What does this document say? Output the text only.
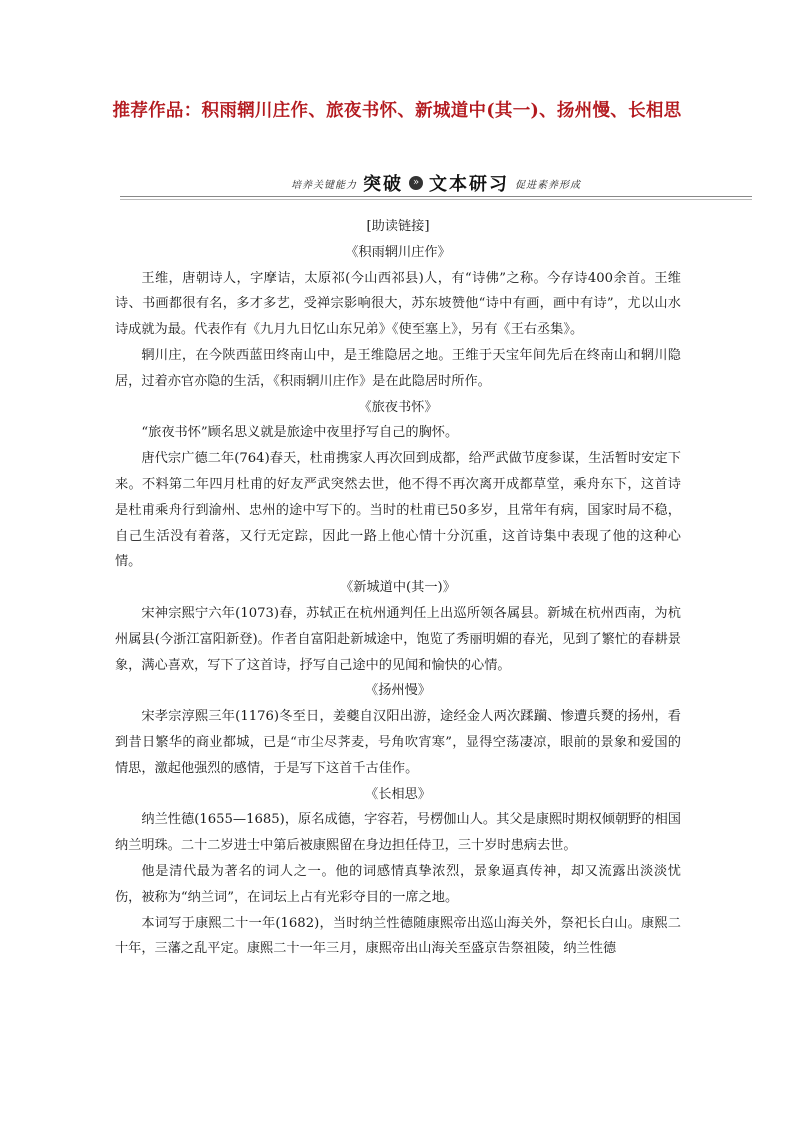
推荐作品：积雨辋川庄作、旅夜书怀、新城道中(其一)、扬州慢、长相思
培养关键能力 突破 » 文本研习 促进素养形成

[助读链接]

《积雨辋川庄作》

王维，唐朝诗人，字摩诘，太原祁(今山西祁县)人，有“诗佛”之称。今存诗400余首。王维诗、书画都很有名，多才多艺，受禅宗影响很大，苏东坡赞他“诗中有画，画中有诗”，尤以山水诗成就为最。代表作有《九月九日忆山东兄弟》《使至塞上》，另有《王右丞集》。

辋川庄，在今陕西蓝田终南山中，是王维隐居之地。王维于天宝年间先后在终南山和辋川隐居，过着亦官亦隐的生活，《积雨辋川庄作》是在此隐居时所作。

《旅夜书怀》

“旅夜书怀”顾名思义就是旅途中夜里抒写自己的胸怀。

唐代宗广德二年(764)春天，杜甫携家人再次回到成都，给严武做节度参谋，生活暂时安定下来。不料第二年四月杜甫的好友严武突然去世，他不得不再次离开成都草堂，乘舟东下，这首诗是杜甫乘舟行到渝州、忠州的途中写下的。当时的杜甫已50多岁，且常年有病，国家时局不稳，自己生活没有着落，又行无定踪，因此一路上他心情十分沉重，这首诗集中表现了他的这种心情。

《新城道中(其一)》

宋神宗熙宁六年(1073)春，苏轼正在杭州通判任上出巡所领各属县。新城在杭州西南，为杭州属县(今浙江富阳新登)。作者自富阳赴新城途中，饱览了秀丽明媚的春光，见到了繁忙的春耕景象，满心喜欢，写下了这首诗，抒写自己途中的见闻和愉快的心情。

《扬州慢》

宋孝宗淳熙三年(1176)冬至日，姜夔自汉阳出游，途经金人两次蹂躏、惨遭兵燹的扬州，看到昔日繁华的商业都城，已是“市尘尽荠麦，号角吹宵寒”，显得空荡凄凉，眼前的景象和爱国的情思，激起他强烈的感情，于是写下这首千古佳作。

《长相思》

纳兰性德(1655—1685)，原名成德，字容若，号楞伽山人。其父是康熙时期权倾朝野的相国纳兰明珠。二十二岁进士中第后被康熙留在身边担任侍卫，三十岁时患病去世。

他是清代最为著名的词人之一。他的词感情真挚浓烈，景象逼真传神，却又流露出淡淡忧伤，被称为“纳兰词”，在词坛上占有光彩夺目的一席之地。

本词写于康熙二十一年(1682)，当时纳兰性德随康熙帝出巡山海关外，祭祀长白山。康熙二十年，三藩之乱平定。康熙二十一年三月，康熙帝出山海关至盛京告祭祖陵，纳兰性德
